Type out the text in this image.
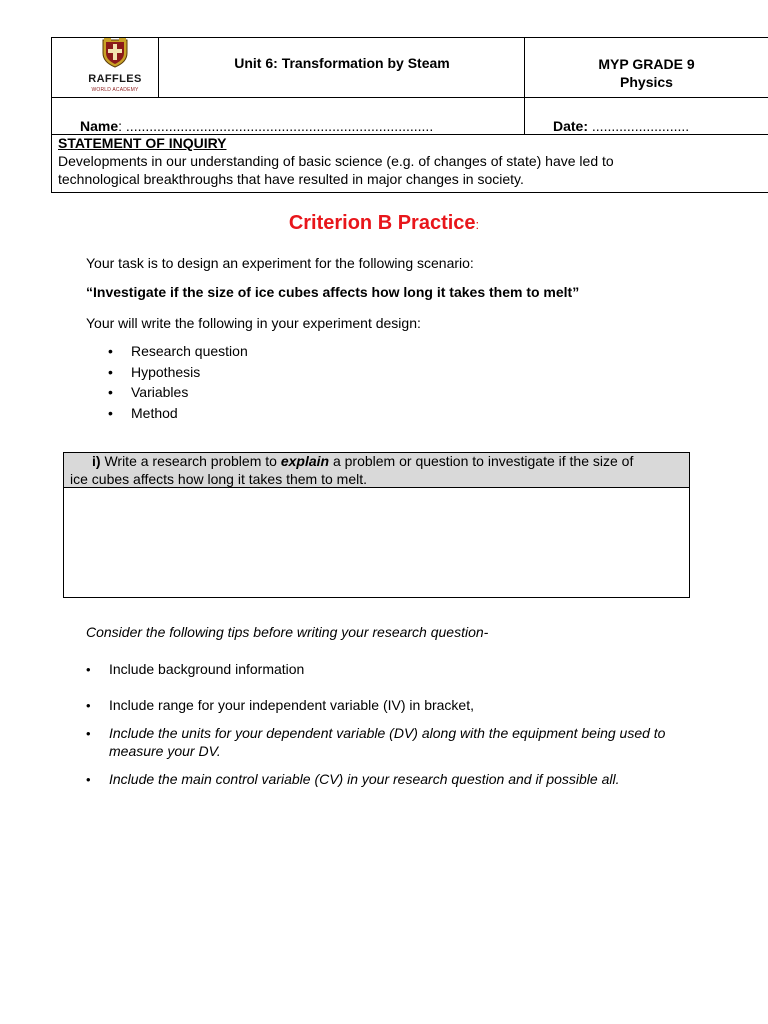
RAFFLES
WORLD ACADEMY
Unit 6: Transformation by Steam	MYP GRADE 9
Physics
Name: ...............................................................................	Date: .........................
STATEMENT OF INQUIRY
Developments in our understanding of basic science (e.g. of changes of state) have led to
technological breakthroughs that have resulted in major changes in society.
Criterion B Practice:
Your task is to design an experiment for the following scenario:
“Investigate if the size of ice cubes affects how long it takes them to melt”
Your will write the following in your experiment design:
• Research question
• Hypothesis
• Variables
• Method
i) Write a research problem to explain a problem or question to investigate if the size of
ice cubes affects how long it takes them to melt.
Consider the following tips before writing your research question-
• Include background information
• Include range for your independent variable (IV) in bracket,
• Include the units for your dependent variable (DV) along with the equipment being used to measure your DV.
• Include the main control variable (CV) in your research question and if possible all.
